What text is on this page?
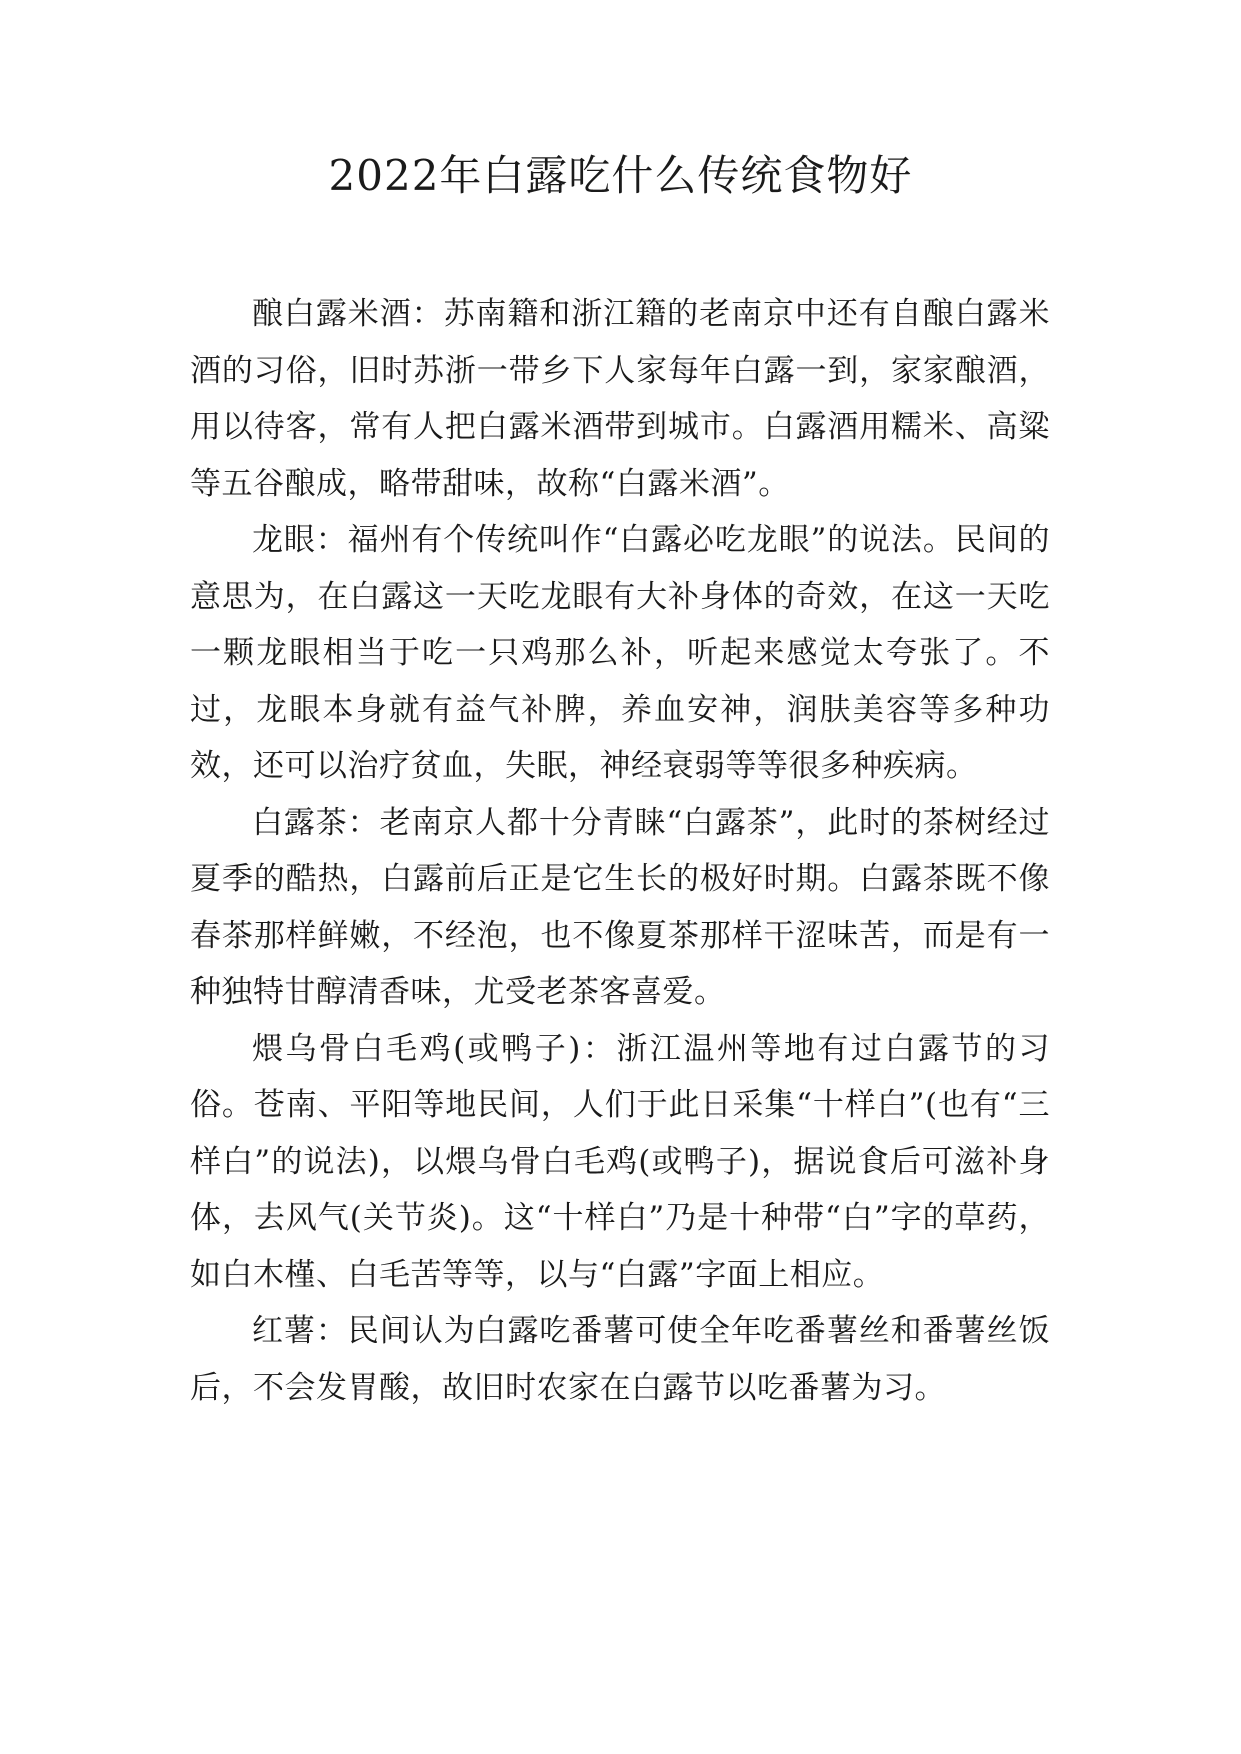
2022年白露吃什么传统食物好

酿白露米酒：苏南籍和浙江籍的老南京中还有自酿白露米酒的习俗，旧时苏浙一带乡下人家每年白露一到，家家酿酒，用以待客，常有人把白露米酒带到城市。白露酒用糯米、高粱等五谷酿成，略带甜味，故称“白露米酒”。

龙眼：福州有个传统叫作“白露必吃龙眼”的说法。民间的意思为，在白露这一天吃龙眼有大补身体的奇效，在这一天吃一颗龙眼相当于吃一只鸡那么补，听起来感觉太夸张了。不过，龙眼本身就有益气补脾，养血安神，润肤美容等多种功效，还可以治疗贫血，失眠，神经衰弱等等很多种疾病。

白露茶：老南京人都十分青睐“白露茶”，此时的茶树经过夏季的酷热，白露前后正是它生长的极好时期。白露茶既不像春茶那样鲜嫩，不经泡，也不像夏茶那样干涩味苦，而是有一种独特甘醇清香味，尤受老茶客喜爱。

煨乌骨白毛鸡(或鸭子)：浙江温州等地有过白露节的习俗。苍南、平阳等地民间，人们于此日采集“十样白”(也有“三样白”的说法)，以煨乌骨白毛鸡(或鸭子)，据说食后可滋补身体，去风气(关节炎)。这“十样白”乃是十种带“白”字的草药，如白木槿、白毛苦等等，以与“白露”字面上相应。

红薯：民间认为白露吃番薯可使全年吃番薯丝和番薯丝饭后，不会发胃酸，故旧时农家在白露节以吃番薯为习。
